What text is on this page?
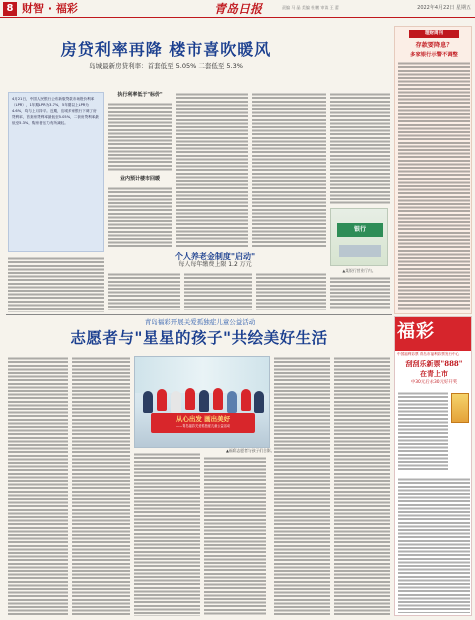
8 财智 · 福彩	青岛日报	责编 马 晶 美编 杜鹏 审读 王 蕾	2022年4月22日 星期五
房贷利率再降 楼市喜吹暖风
岛城最新房贷利率：首套低至 5.05% 二套低至 5.3%
4月21日，中国人民银行公布新版贷款市场报价利率（LPR），1年期LPR为3.7%，5年期以上LPR为4.6%，均与上月持平。近期，岛城多家银行下调了房贷利率，首套房贷利率最低至5.05%，二套房贷利率最低至5.3%，购房者压力有所减轻。
执行利率低于"标价"
业内预计楼市回暖
银行
▲某银行营业厅内。
个人养老金制度"启动"
每人每年缴费上限 1.2 万元
理财周刊
存款要降息？
多家银行示警不调整
青岛福彩开展关爱孤独症儿童公益活动
志愿者与"星星的孩子"共绘美好生活
从心出发 画出美好
——青岛福彩关爱孤独症儿童公益活动
▲福彩志愿者与孩子们合影。
福彩
中国福利彩票 青岛市福利彩票发行中心
刮刮乐新票"888"
在青上市
中30元后永30元好开奖
